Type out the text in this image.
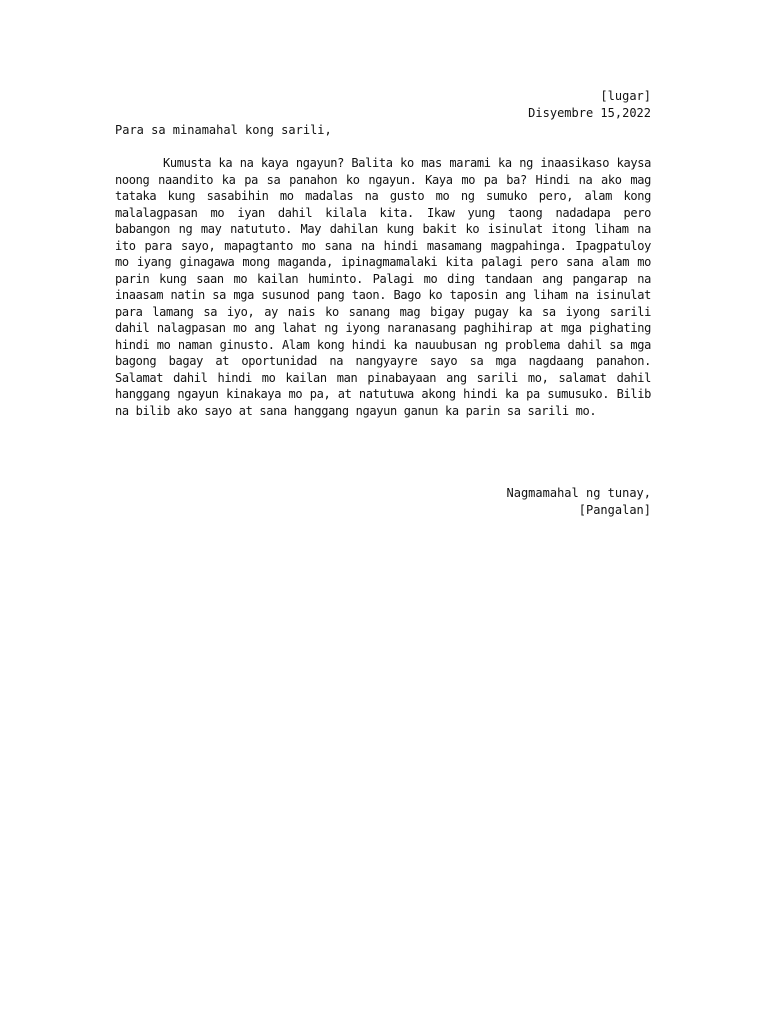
[lugar]
Disyembre 15,2022
Para sa minamahal kong sarili,
Kumusta ka na kaya ngayun? Balita ko mas marami ka ng inaasikaso kaysa noong naandito ka pa sa panahon ko ngayun. Kaya mo pa ba? Hindi na ako mag tataka kung sasabihin mo madalas na gusto mo ng sumuko pero, alam kong malalagpasan mo iyan dahil kilala kita. Ikaw yung taong nadadapa pero babangon ng may natututo. May dahilan kung bakit ko isinulat itong liham na ito para sayo, mapagtanto mo sana na hindi masamang magpahinga. Ipagpatuloy mo iyang ginagawa mong maganda, ipinagmamalaki kita palagi pero sana alam mo parin kung saan mo kailan huminto. Palagi mo ding tandaan ang pangarap na inaasam natin sa mga susunod pang taon. Bago ko taposin ang liham na isinulat para lamang sa iyo, ay nais ko sanang mag bigay pugay ka sa iyong sarili dahil nalagpasan mo ang lahat ng iyong naranasang paghihirap at mga pighating hindi mo naman ginusto. Alam kong hindi ka nauubusan ng problema dahil sa mga bagong bagay at oportunidad na nangyayre sayo sa mga nagdaang panahon. Salamat dahil hindi mo kailan man pinabayaan ang sarili mo, salamat dahil hanggang ngayun kinakaya mo pa, at natutuwa akong hindi ka pa sumusuko. Bilib na bilib ako sayo at sana hanggang ngayun ganun ka parin sa sarili mo.
Nagmamahal ng tunay,
[Pangalan]
